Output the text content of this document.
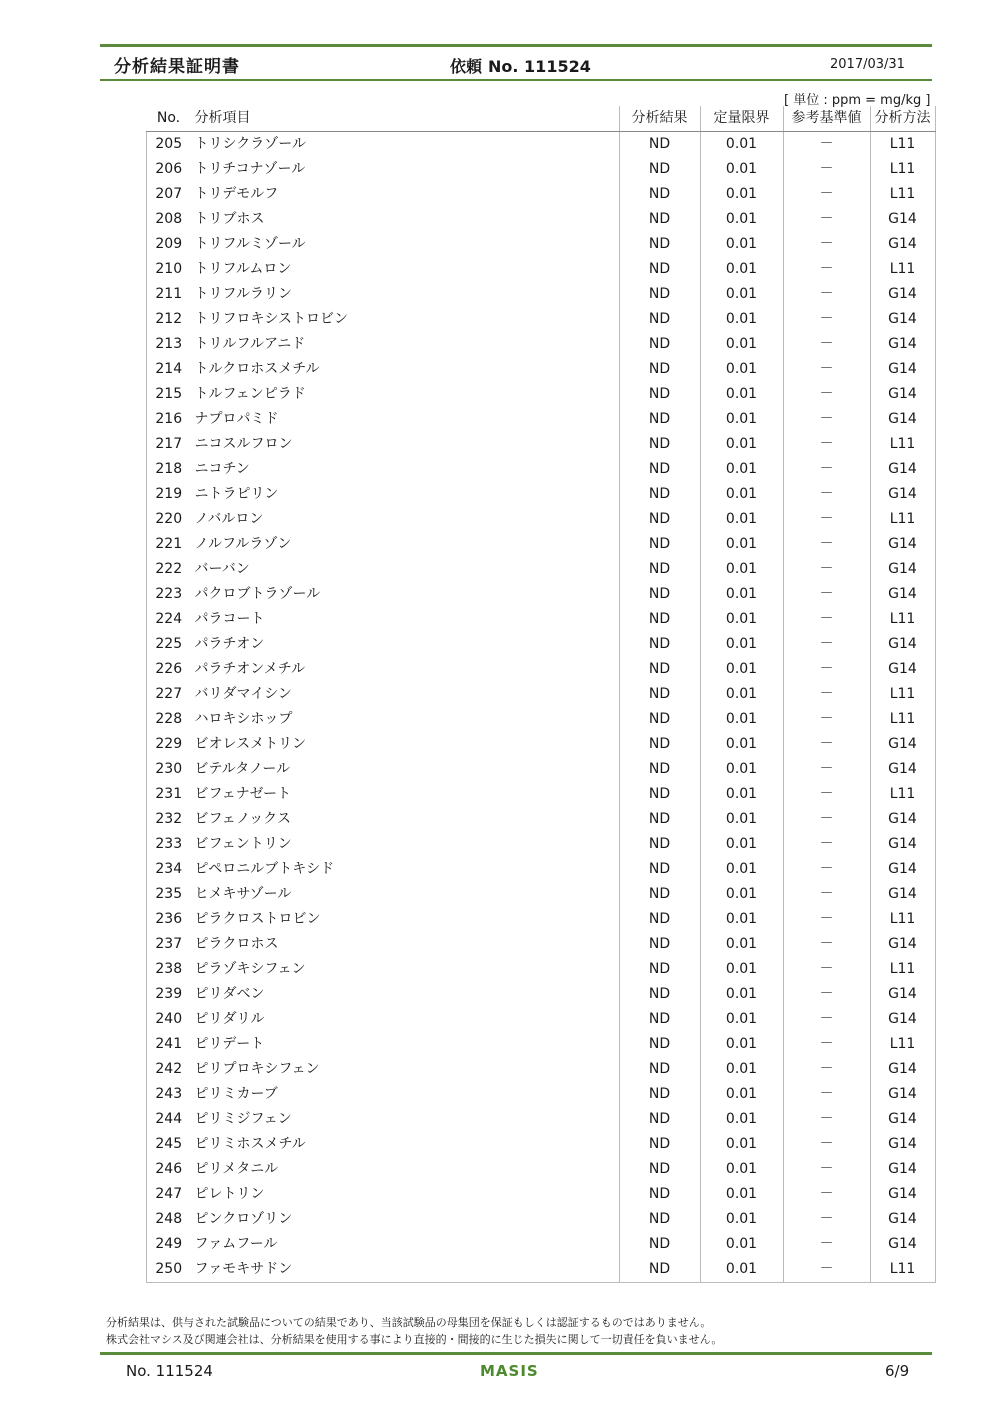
分析結果証明書	依頼 No. 111524	2017/03/31
[ 単位 : ppm = mg/kg ]
No.	分析項目	分析結果	定量限界	参考基準値	分析方法
205	トリシクラゾール	ND	0.01	－	L11
206	トリチコナゾール	ND	0.01	－	L11
207	トリデモルフ	ND	0.01	－	L11
208	トリブホス	ND	0.01	－	G14
209	トリフルミゾール	ND	0.01	－	G14
210	トリフルムロン	ND	0.01	－	L11
211	トリフルラリン	ND	0.01	－	G14
212	トリフロキシストロビン	ND	0.01	－	G14
213	トリルフルアニド	ND	0.01	－	G14
214	トルクロホスメチル	ND	0.01	－	G14
215	トルフェンピラド	ND	0.01	－	G14
216	ナプロパミド	ND	0.01	－	G14
217	ニコスルフロン	ND	0.01	－	L11
218	ニコチン	ND	0.01	－	G14
219	ニトラピリン	ND	0.01	－	G14
220	ノバルロン	ND	0.01	－	L11
221	ノルフルラゾン	ND	0.01	－	G14
222	バーバン	ND	0.01	－	G14
223	パクロブトラゾール	ND	0.01	－	G14
224	パラコート	ND	0.01	－	L11
225	パラチオン	ND	0.01	－	G14
226	パラチオンメチル	ND	0.01	－	G14
227	バリダマイシン	ND	0.01	－	L11
228	ハロキシホップ	ND	0.01	－	L11
229	ビオレスメトリン	ND	0.01	－	G14
230	ビテルタノール	ND	0.01	－	G14
231	ビフェナゼート	ND	0.01	－	L11
232	ビフェノックス	ND	0.01	－	G14
233	ビフェントリン	ND	0.01	－	G14
234	ピペロニルブトキシド	ND	0.01	－	G14
235	ヒメキサゾール	ND	0.01	－	G14
236	ピラクロストロビン	ND	0.01	－	L11
237	ピラクロホス	ND	0.01	－	G14
238	ピラゾキシフェン	ND	0.01	－	L11
239	ピリダベン	ND	0.01	－	G14
240	ピリダリル	ND	0.01	－	G14
241	ピリデート	ND	0.01	－	L11
242	ピリプロキシフェン	ND	0.01	－	G14
243	ピリミカーブ	ND	0.01	－	G14
244	ピリミジフェン	ND	0.01	－	G14
245	ピリミホスメチル	ND	0.01	－	G14
246	ピリメタニル	ND	0.01	－	G14
247	ピレトリン	ND	0.01	－	G14
248	ピンクロゾリン	ND	0.01	－	G14
249	ファムフール	ND	0.01	－	G14
250	ファモキサドン	ND	0.01	－	L11
分析結果は、供与された試験品についての結果であり、当該試験品の母集団を保証もしくは認証するものではありません。
株式会社マシス及び関連会社は、分析結果を使用する事により直接的・間接的に生じた損失に関して一切責任を負いません。
No. 111524	MASIS	6/9
